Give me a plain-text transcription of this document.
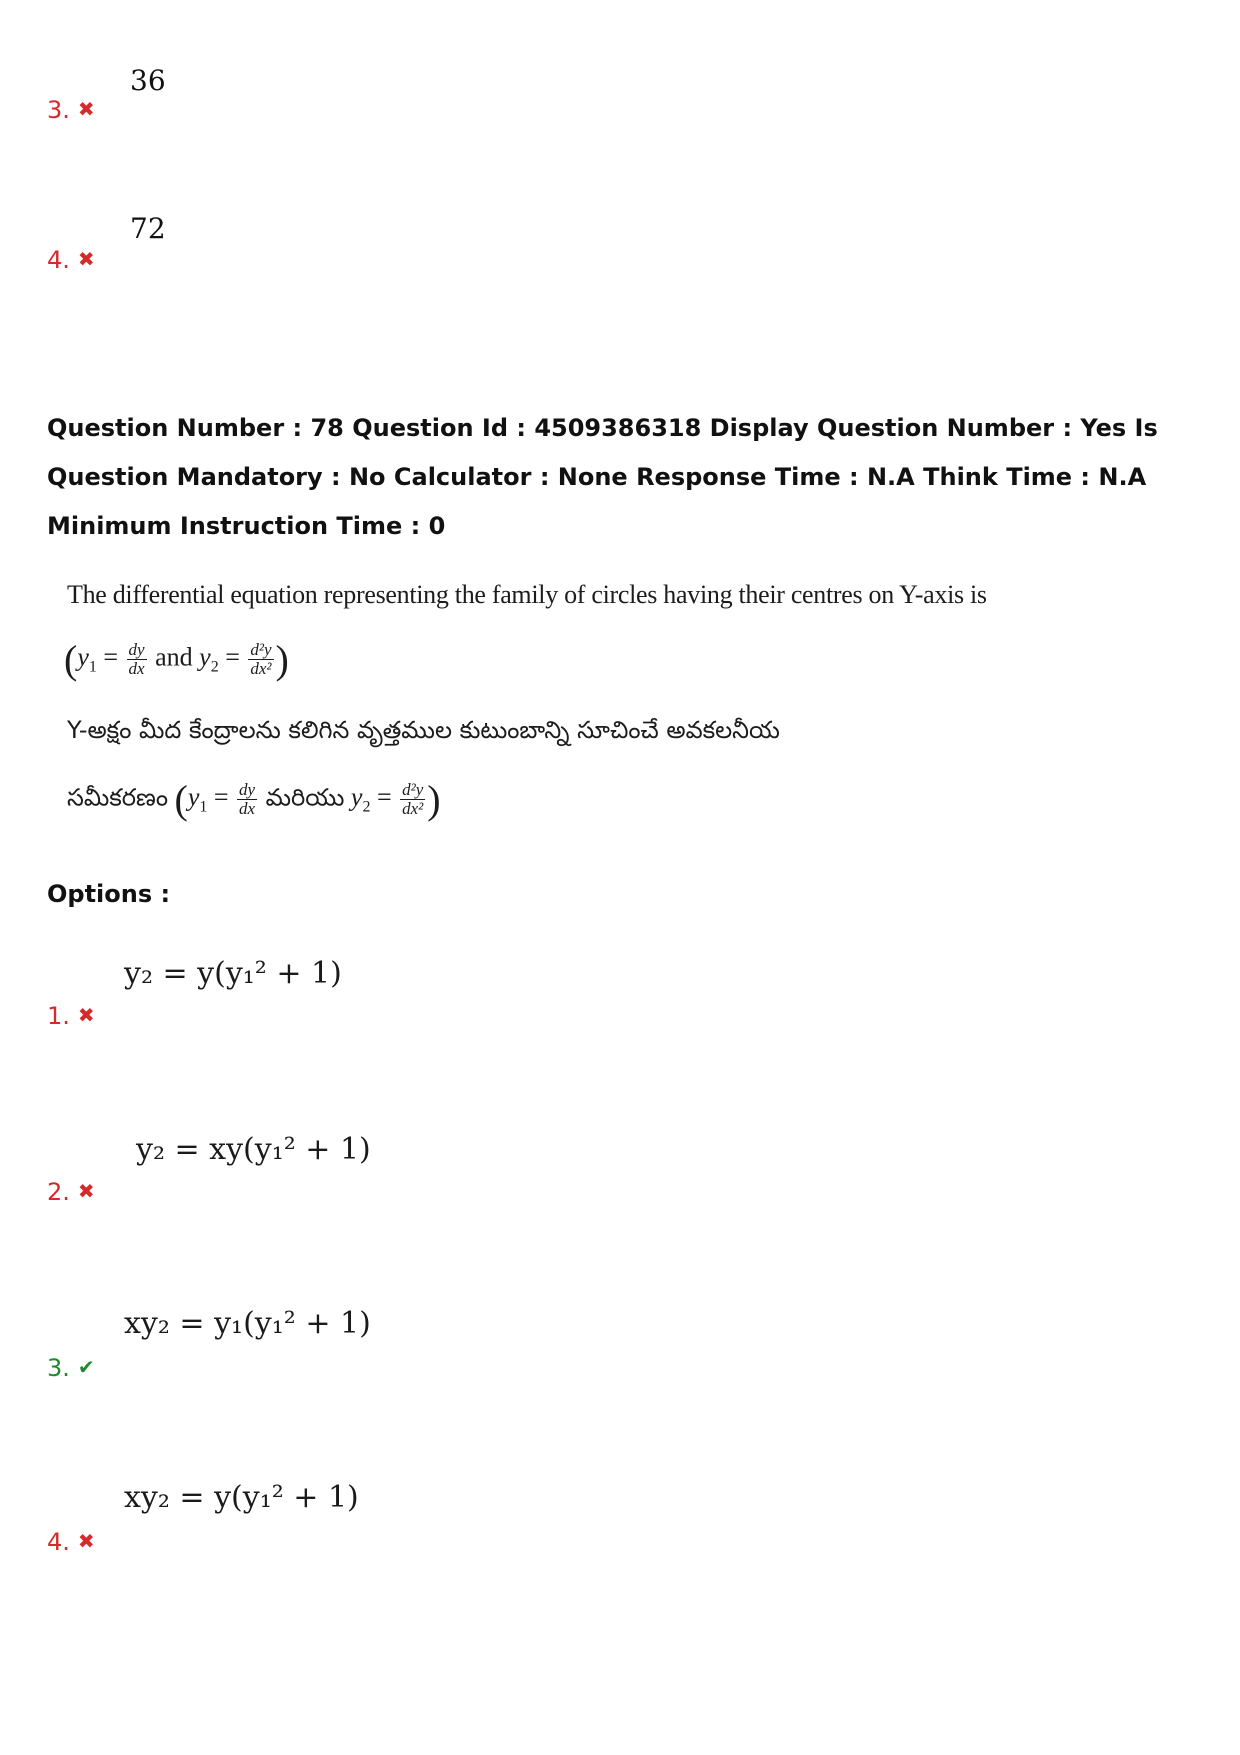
36
3. ✖
72
4. ✖
Question Number : 78 Question Id : 4509386318 Display Question Number : Yes Is Question Mandatory : No Calculator : None Response Time : N.A Think Time : N.A Minimum Instruction Time : 0
The differential equation representing the family of circles having their centres on Y-axis is
($y_1 = \frac{dy}{dx}$ and $y_2 = \frac{\text{d²y}}{\text{dx²}}$ )
Y-అక్షం మీద కేంద్రాలను కలిగిన వృత్తముల కుటుంబాన్ని సూచించే అవకలనీయ
సమీకరణం ($y_1 = \frac{dy}{dx}$ మరియు $y_2 = \frac{\text{d²y}}{\text{dx²}}$ )
Options :
y₂ = y(y₁² + 1)
1. ✖
y₂ = xy(y₁² + 1)
2. ✖
xy₂ = y₁(y₁² + 1)
3. ✔
xy₂ = y(y₁² + 1)
4. ✖
